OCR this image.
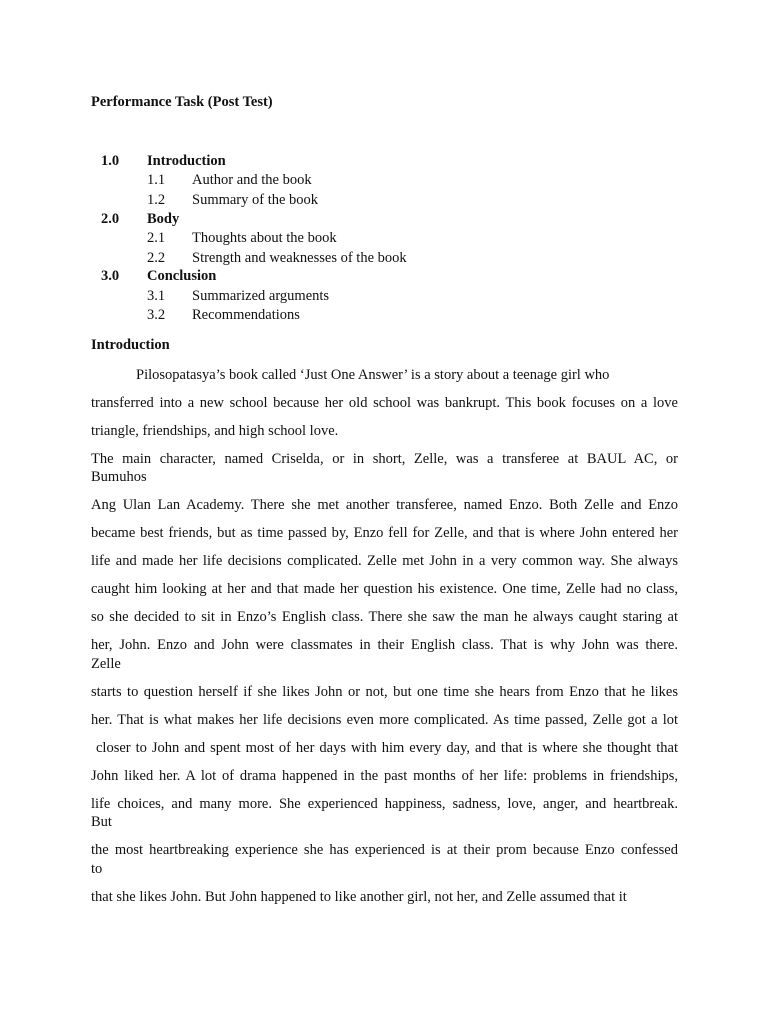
Performance Task (Post Test)
1.0 Introduction
1.1 Author and the book
1.2 Summary of the book
2.0 Body
2.1 Thoughts about the book
2.2 Strength and weaknesses of the book
3.0 Conclusion
3.1 Summarized arguments
3.2 Recommendations
Introduction
Pilosopatasya’s book called ‘Just One Answer’ is a story about a teenage girl who
transferred into a new school because her old school was bankrupt. This book focuses on a love
triangle, friendships, and high school love.
The main character, named Criselda, or in short, Zelle, was a transferee at BAUL AC, or
Bumuhos
Ang Ulan Lan Academy. There she met another transferee, named Enzo. Both Zelle and Enzo
became best friends, but as time passed by, Enzo fell for Zelle, and that is where John entered her
life and made her life decisions complicated. Zelle met John in a very common way. She always
caught him looking at her and that made her question his existence. One time, Zelle had no class,
so she decided to sit in Enzo’s English class. There she saw the man he always caught staring at
her, John. Enzo and John were classmates in their English class. That is why John was there.
Zelle
starts to question herself if she likes John or not, but one time she hears from Enzo that he likes
her. That is what makes her life decisions even more complicated. As time passed, Zelle got a lot
closer to John and spent most of her days with him every day, and that is where she thought that
John liked her. A lot of drama happened in the past months of her life: problems in friendships,
life choices, and many more. She experienced happiness, sadness, love, anger, and heartbreak.
But
the most heartbreaking experience she has experienced is at their prom because Enzo confessed
to
that she likes John. But John happened to like another girl, not her, and Zelle assumed that it
